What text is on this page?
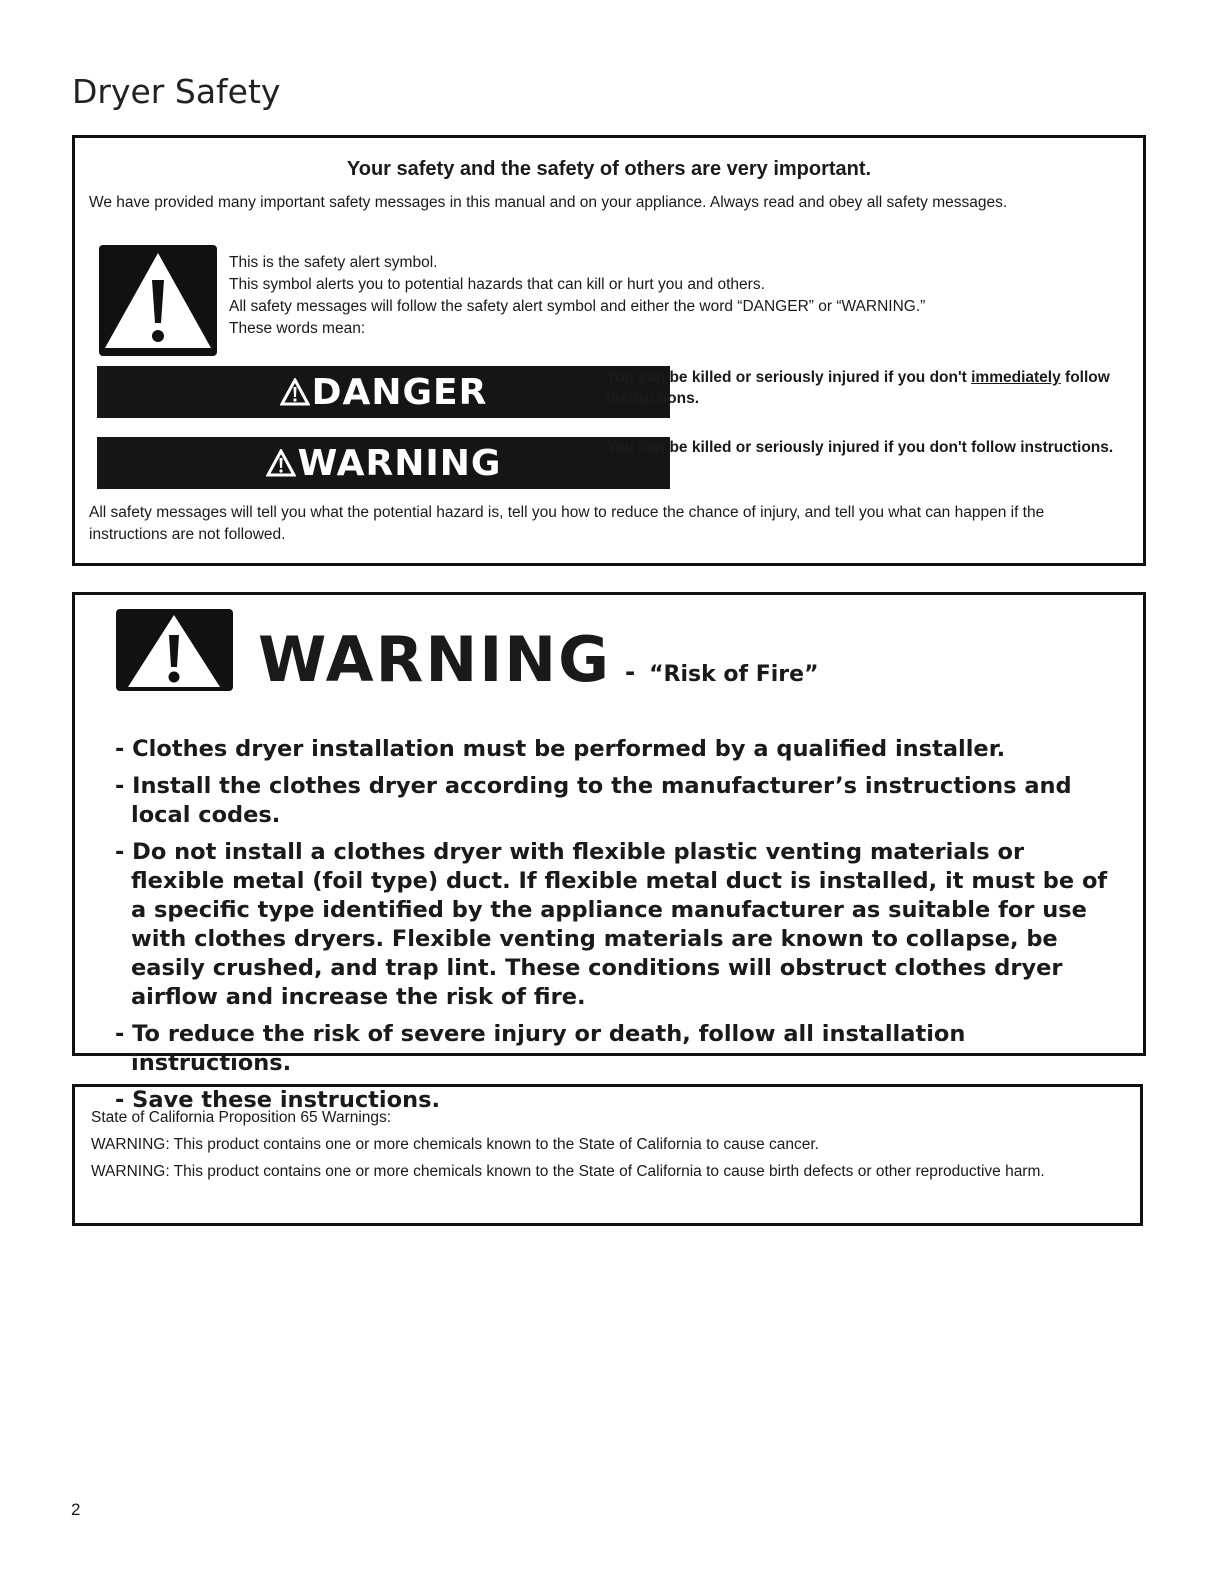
Dryer Safety
Your safety and the safety of others are very important.
We have provided many important safety messages in this manual and on your appliance. Always read and obey all safety messages.
This is the safety alert symbol.
This symbol alerts you to potential hazards that can kill or hurt you and others.
All safety messages will follow the safety alert symbol and either the word “DANGER” or “WARNING.”
These words mean:
DANGER	You can be killed or seriously injured if you don't immediately follow instructions.
WARNING	You can be killed or seriously injured if you don't follow instructions.
All safety messages will tell you what the potential hazard is, tell you how to reduce the chance of injury, and tell you what can happen if the instructions are not followed.
WARNING - “Risk of Fire”
- Clothes dryer installation must be performed by a qualified installer.
- Install the clothes dryer according to the manufacturer’s instructions and local codes.
- Do not install a clothes dryer with flexible plastic venting materials or flexible metal (foil type) duct. If flexible metal duct is installed, it must be of a specific type identified by the appliance manufacturer as suitable for use with clothes dryers. Flexible venting materials are known to collapse, be easily crushed, and trap lint. These conditions will obstruct clothes dryer airflow and increase the risk of fire.
- To reduce the risk of severe injury or death, follow all installation instructions.
- Save these instructions.
State of California Proposition 65 Warnings:
WARNING: This product contains one or more chemicals known to the State of California to cause cancer.
WARNING: This product contains one or more chemicals known to the State of California to cause birth defects or other reproductive harm.
2
